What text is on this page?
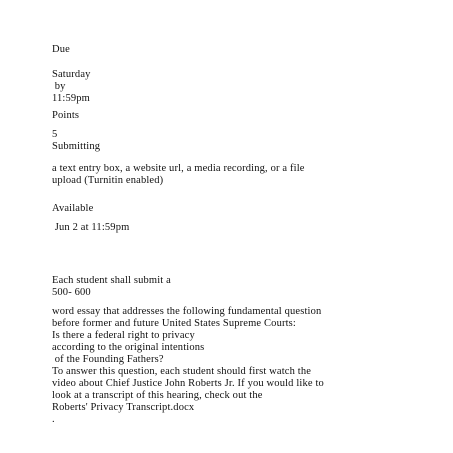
Due
Saturday
by
11:59pm
Points
5
Submitting
a text entry box, a website url, a media recording, or a file
upload (Turnitin enabled)
Available
Jun 2 at 11:59pm
Each student shall submit a
500- 600
word essay that addresses the following fundamental question
before former and future United States Supreme Courts:
Is there a federal right to privacy
according to the original intentions
of the Founding Fathers?
To answer this question, each student should first watch the
video about Chief Justice John Roberts Jr. If you would like to
look at a transcript of this hearing, check out the
Roberts' Privacy Transcript.docx
.
